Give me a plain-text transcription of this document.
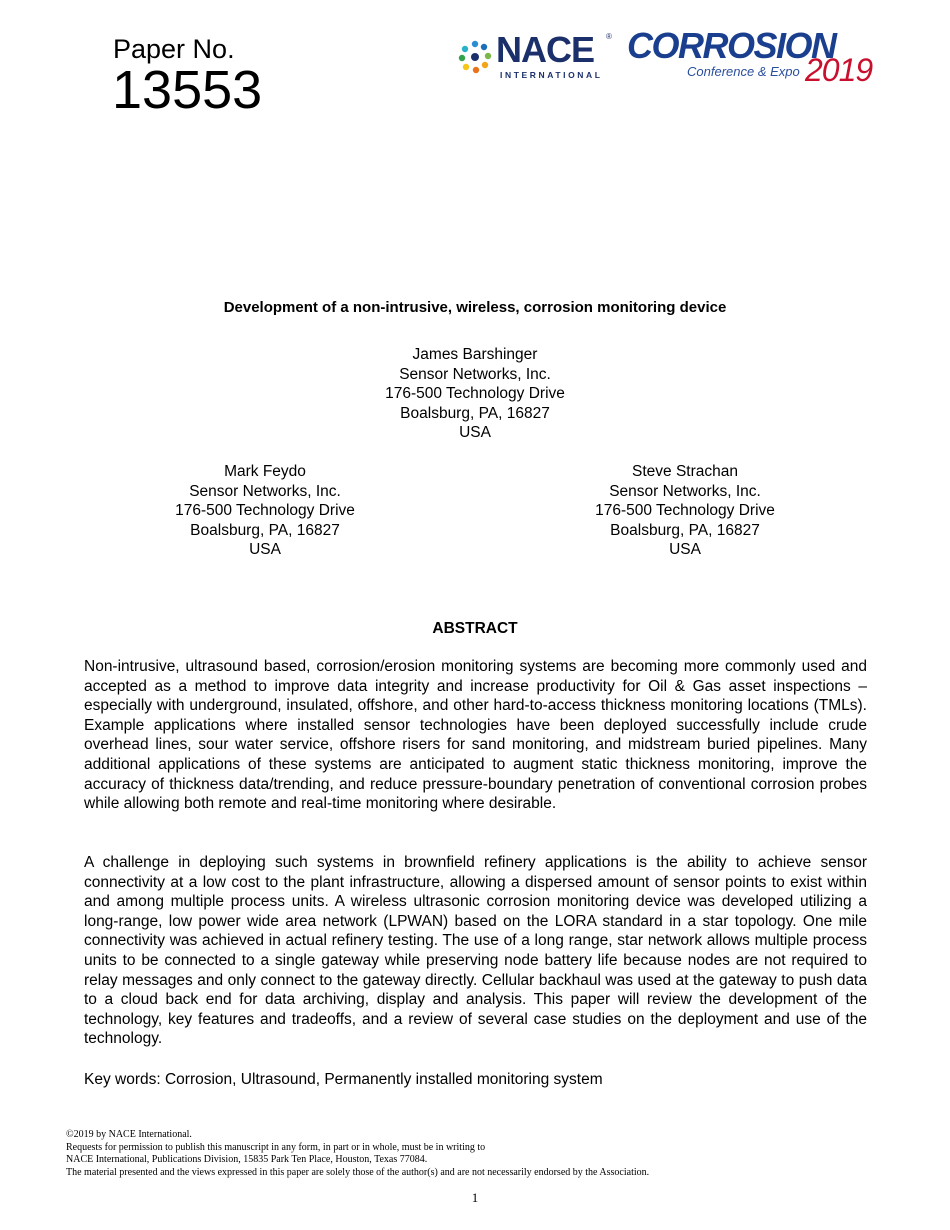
Paper No.
13553
NACE ®
INTERNATIONAL
CORROSION
Conference & Expo 2019
Development of a non-intrusive, wireless, corrosion monitoring device
James Barshinger
Sensor Networks, Inc.
176-500 Technology Drive
Boalsburg, PA, 16827
USA
Mark Feydo
Sensor Networks, Inc.
176-500 Technology Drive
Boalsburg, PA, 16827
USA
Steve Strachan
Sensor Networks, Inc.
176-500 Technology Drive
Boalsburg, PA, 16827
USA
ABSTRACT
Non-intrusive, ultrasound based, corrosion/erosion monitoring systems are becoming more commonly used and accepted as a method to improve data integrity and increase productivity for Oil & Gas asset inspections – especially with underground, insulated, offshore, and other hard-to-access thickness monitoring locations (TMLs). Example applications where installed sensor technologies have been deployed successfully include crude overhead lines, sour water service, offshore risers for sand monitoring, and midstream buried pipelines. Many additional applications of these systems are anticipated to augment static thickness monitoring, improve the accuracy of thickness data/trending, and reduce pressure-boundary penetration of conventional corrosion probes while allowing both remote and real-time monitoring where desirable.
A challenge in deploying such systems in brownfield refinery applications is the ability to achieve sensor connectivity at a low cost to the plant infrastructure, allowing a dispersed amount of sensor points to exist within and among multiple process units. A wireless ultrasonic corrosion monitoring device was developed utilizing a long-range, low power wide area network (LPWAN) based on the LORA standard in a star topology. One mile connectivity was achieved in actual refinery testing. The use of a long range, star network allows multiple process units to be connected to a single gateway while preserving node battery life because nodes are not required to relay messages and only connect to the gateway directly. Cellular backhaul was used at the gateway to push data to a cloud back end for data archiving, display and analysis. This paper will review the development of the technology, key features and tradeoffs, and a review of several case studies on the deployment and use of the technology.
Key words: Corrosion, Ultrasound, Permanently installed monitoring system
©2019 by NACE International.
Requests for permission to publish this manuscript in any form, in part or in whole, must be in writing to
NACE International, Publications Division, 15835 Park Ten Place, Houston, Texas 77084.
The material presented and the views expressed in this paper are solely those of the author(s) and are not necessarily endorsed by the Association.
1
